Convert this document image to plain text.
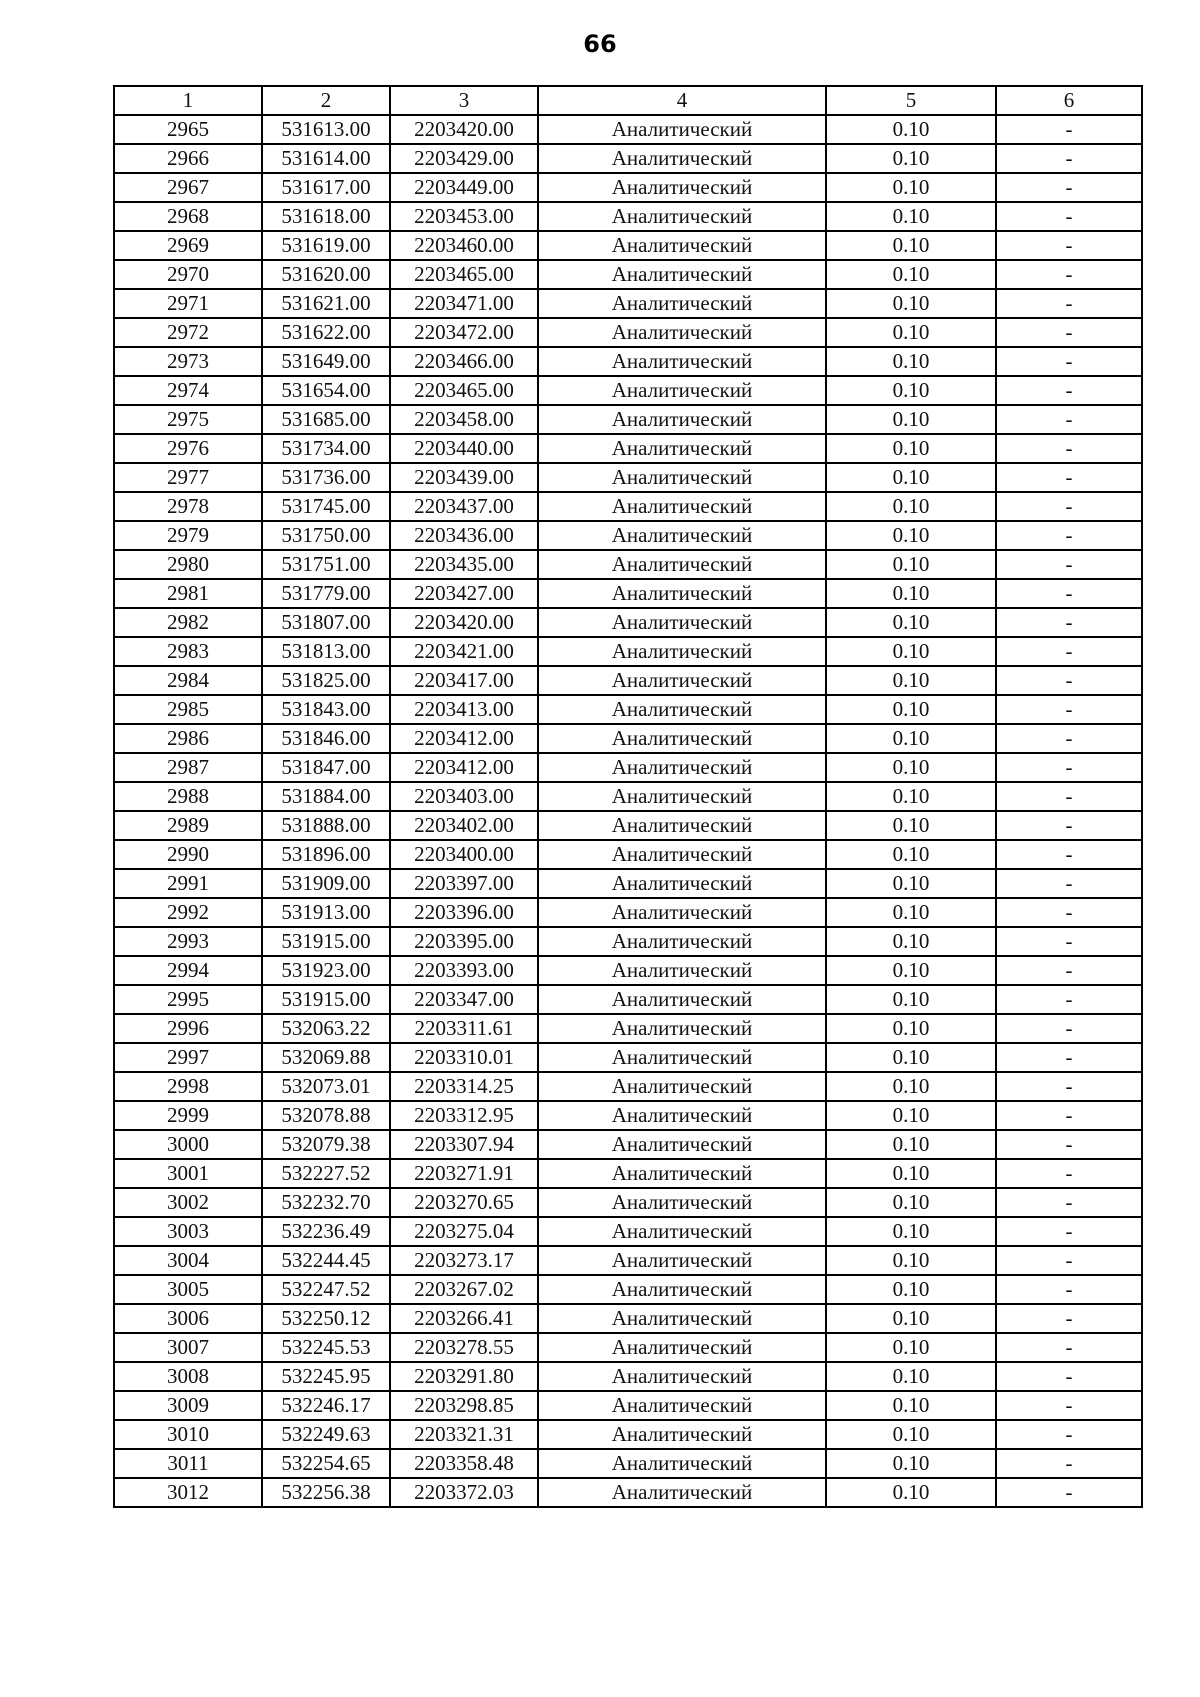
66
1	2	3	4	5	6
2965	531613.00	2203420.00	Аналитический	0.10	-
2966	531614.00	2203429.00	Аналитический	0.10	-
2967	531617.00	2203449.00	Аналитический	0.10	-
2968	531618.00	2203453.00	Аналитический	0.10	-
2969	531619.00	2203460.00	Аналитический	0.10	-
2970	531620.00	2203465.00	Аналитический	0.10	-
2971	531621.00	2203471.00	Аналитический	0.10	-
2972	531622.00	2203472.00	Аналитический	0.10	-
2973	531649.00	2203466.00	Аналитический	0.10	-
2974	531654.00	2203465.00	Аналитический	0.10	-
2975	531685.00	2203458.00	Аналитический	0.10	-
2976	531734.00	2203440.00	Аналитический	0.10	-
2977	531736.00	2203439.00	Аналитический	0.10	-
2978	531745.00	2203437.00	Аналитический	0.10	-
2979	531750.00	2203436.00	Аналитический	0.10	-
2980	531751.00	2203435.00	Аналитический	0.10	-
2981	531779.00	2203427.00	Аналитический	0.10	-
2982	531807.00	2203420.00	Аналитический	0.10	-
2983	531813.00	2203421.00	Аналитический	0.10	-
2984	531825.00	2203417.00	Аналитический	0.10	-
2985	531843.00	2203413.00	Аналитический	0.10	-
2986	531846.00	2203412.00	Аналитический	0.10	-
2987	531847.00	2203412.00	Аналитический	0.10	-
2988	531884.00	2203403.00	Аналитический	0.10	-
2989	531888.00	2203402.00	Аналитический	0.10	-
2990	531896.00	2203400.00	Аналитический	0.10	-
2991	531909.00	2203397.00	Аналитический	0.10	-
2992	531913.00	2203396.00	Аналитический	0.10	-
2993	531915.00	2203395.00	Аналитический	0.10	-
2994	531923.00	2203393.00	Аналитический	0.10	-
2995	531915.00	2203347.00	Аналитический	0.10	-
2996	532063.22	2203311.61	Аналитический	0.10	-
2997	532069.88	2203310.01	Аналитический	0.10	-
2998	532073.01	2203314.25	Аналитический	0.10	-
2999	532078.88	2203312.95	Аналитический	0.10	-
3000	532079.38	2203307.94	Аналитический	0.10	-
3001	532227.52	2203271.91	Аналитический	0.10	-
3002	532232.70	2203270.65	Аналитический	0.10	-
3003	532236.49	2203275.04	Аналитический	0.10	-
3004	532244.45	2203273.17	Аналитический	0.10	-
3005	532247.52	2203267.02	Аналитический	0.10	-
3006	532250.12	2203266.41	Аналитический	0.10	-
3007	532245.53	2203278.55	Аналитический	0.10	-
3008	532245.95	2203291.80	Аналитический	0.10	-
3009	532246.17	2203298.85	Аналитический	0.10	-
3010	532249.63	2203321.31	Аналитический	0.10	-
3011	532254.65	2203358.48	Аналитический	0.10	-
3012	532256.38	2203372.03	Аналитический	0.10	-
